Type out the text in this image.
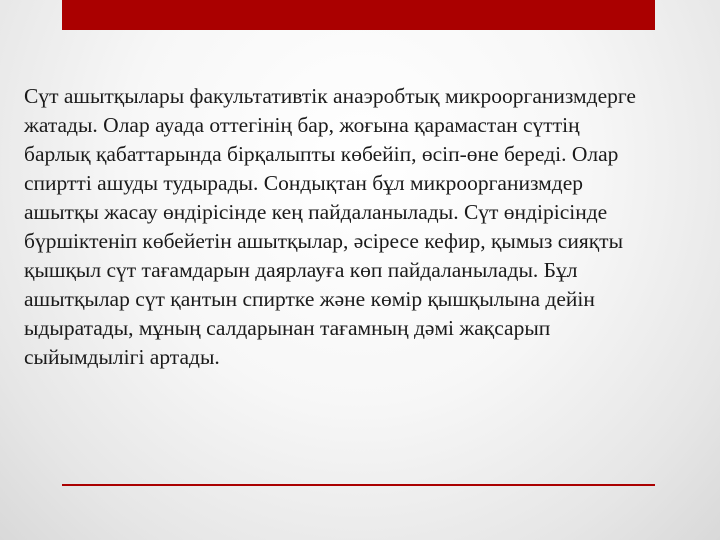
Сүт ашытқылары факультативтік анаэробтық микроорганизмдерге
жатады. Олар ауада оттегінің бар, жоғына қарамастан сүттің
барлық қабаттарында бірқалыпты көбейіп, өсіп-өне береді. Олар
спиртті ашуды тудырады. Сондықтан бұл микроорганизмдер
ашытқы жасау өндірісінде кең пайдаланылады. Сүт өндірісінде
бүршіктеніп көбейетін ашытқылар, әсіресе кефир, қымыз сияқты
қышқыл сүт тағамдарын даярлауға көп пайдаланылады. Бұл
ашытқылар сүт қантын спиртке және көмір қышқылына дейін
ыдыратады, мұның салдарынан тағамның дәмі жақсарып
сыйымдылігі артады.
